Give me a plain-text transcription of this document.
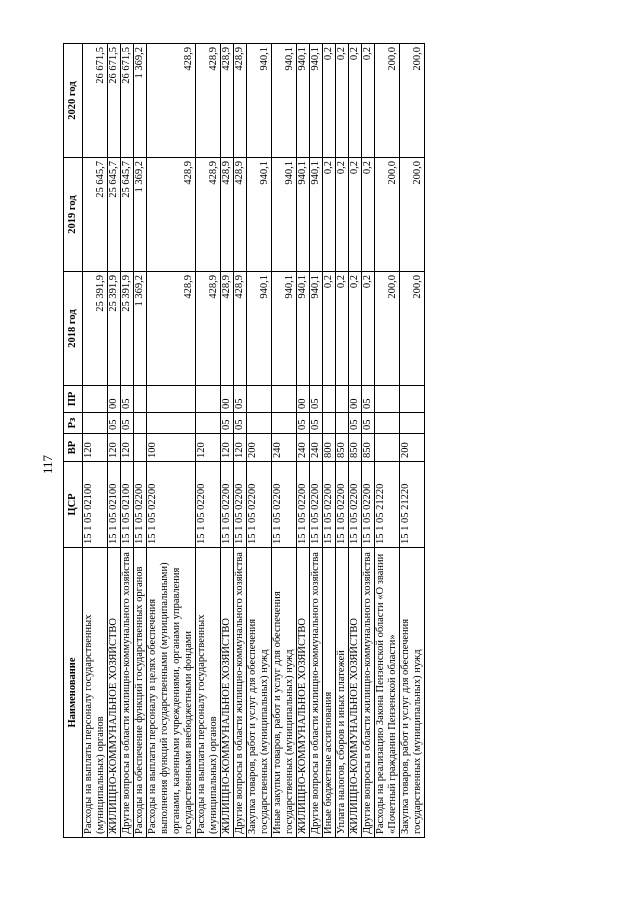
117
Наименование	ЦСР	ВР	Рз	ПР	2018 год	2019 год	2020 год
Расходы на выплаты персоналу государственных (муниципальных) органов	15 1 05 02100	120			25 391,9	25 645,7	26 671,5
ЖИЛИЩНО-КОММУНАЛЬНОЕ ХОЗЯЙСТВО	15 1 05 02100	120	05	00	25 391,9	25 645,7	26 671,5
Другие вопросы в области жилищно-коммунального хозяйства	15 1 05 02100	120	05	05	25 391,9	25 645,7	26 671,5
Расходы на обеспечение функций государственных органов	15 1 05 02200				1 369,2	1 369,2	1 369,2
Расходы на выплаты персоналу в целях обеспечения выполнения функций государственными (муниципальными) органами, казенными учреждениями, органами управления государственными внебюджетными фондами	15 1 05 02200	100			428,9	428,9	428,9
Расходы на выплаты персоналу государственных (муниципальных) органов	15 1 05 02200	120			428,9	428,9	428,9
ЖИЛИЩНО-КОММУНАЛЬНОЕ ХОЗЯЙСТВО	15 1 05 02200	120	05	00	428,9	428,9	428,9
Другие вопросы в области жилищно-коммунального хозяйства	15 1 05 02200	120	05	05	428,9	428,9	428,9
Закупка товаров, работ и услуг для обеспечения государственных (муниципальных) нужд	15 1 05 02200	200			940,1	940,1	940,1
Иные закупки товаров, работ и услуг для обеспечения государственных (муниципальных) нужд	15 1 05 02200	240			940,1	940,1	940,1
ЖИЛИЩНО-КОММУНАЛЬНОЕ ХОЗЯЙСТВО	15 1 05 02200	240	05	00	940,1	940,1	940,1
Другие вопросы в области жилищно-коммунального хозяйства	15 1 05 02200	240	05	05	940,1	940,1	940,1
Иные бюджетные ассигнования	15 1 05 02200	800			0,2	0,2	0,2
Уплата налогов, сборов и иных платежей	15 1 05 02200	850			0,2	0,2	0,2
ЖИЛИЩНО-КОММУНАЛЬНОЕ ХОЗЯЙСТВО	15 1 05 02200	850	05	00	0,2	0,2	0,2
Другие вопросы в области жилищно-коммунального хозяйства	15 1 05 02200	850	05	05	0,2	0,2	0,2
Расходы на реализацию Закона Пензенской области «О звании «Почетный гражданин Пензенской области»	15 1 05 21220				200,0	200,0	200,0
Закупка товаров, работ и услуг для обеспечения государственных (муниципальных) нужд	15 1 05 21220	200			200,0	200,0	200,0
